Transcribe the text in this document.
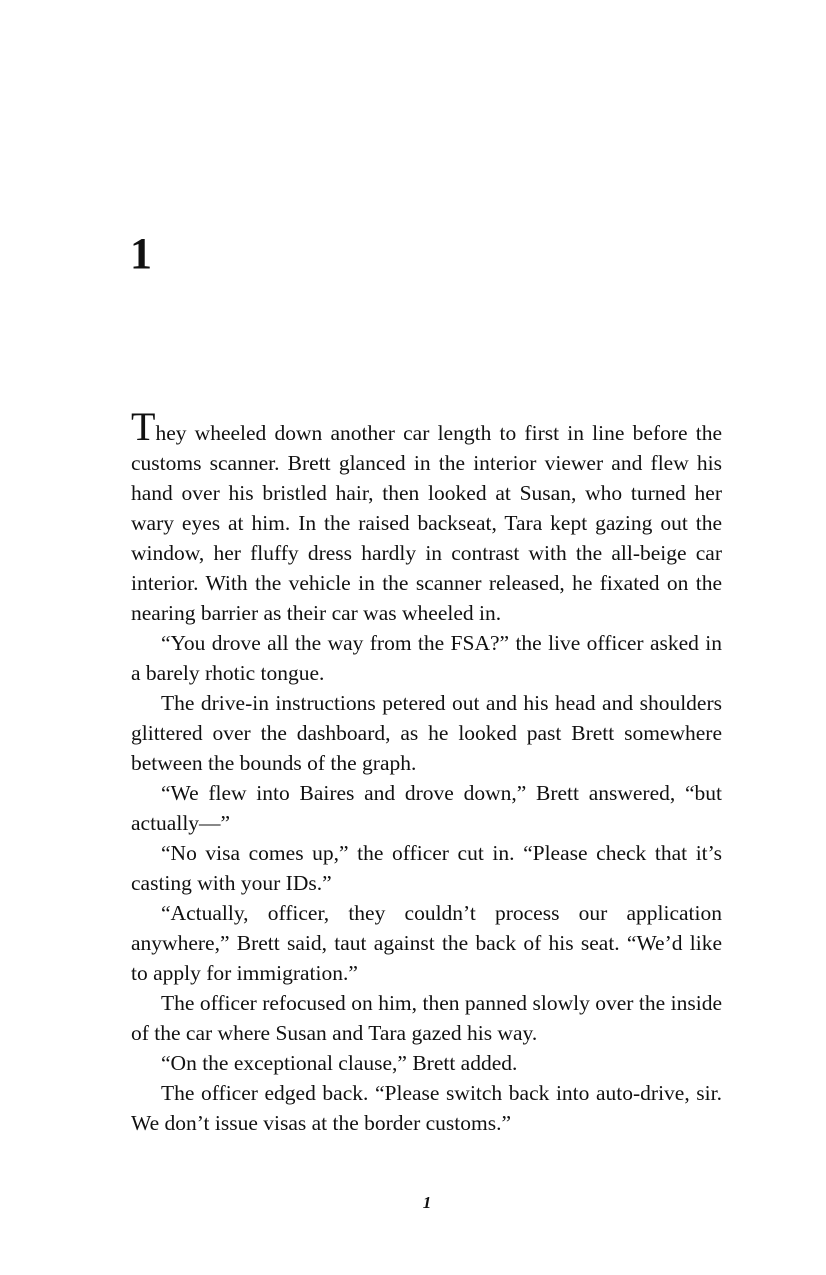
1

They wheeled down another car length to first in line before the customs scanner. Brett glanced in the interior viewer and flew his hand over his bristled hair, then looked at Susan, who turned her wary eyes at him. In the raised backseat, Tara kept gazing out the window, her fluffy dress hardly in contrast with the all-beige car interior. With the vehicle in the scanner released, he fixated on the nearing barrier as their car was wheeled in.

“You drove all the way from the FSA?” the live officer asked in a barely rhotic tongue.

The drive-in instructions petered out and his head and shoulders glittered over the dashboard, as he looked past Brett somewhere between the bounds of the graph.

“We flew into Baires and drove down,” Brett answered, “but actually—”

“No visa comes up,” the officer cut in. “Please check that it’s casting with your IDs.”

“Actually, officer, they couldn’t process our application anywhere,” Brett said, taut against the back of his seat. “We’d like to apply for immigration.”

The officer refocused on him, then panned slowly over the inside of the car where Susan and Tara gazed his way.

“On the exceptional clause,” Brett added.

The officer edged back. “Please switch back into auto-drive, sir. We don’t issue visas at the border customs.”

1
